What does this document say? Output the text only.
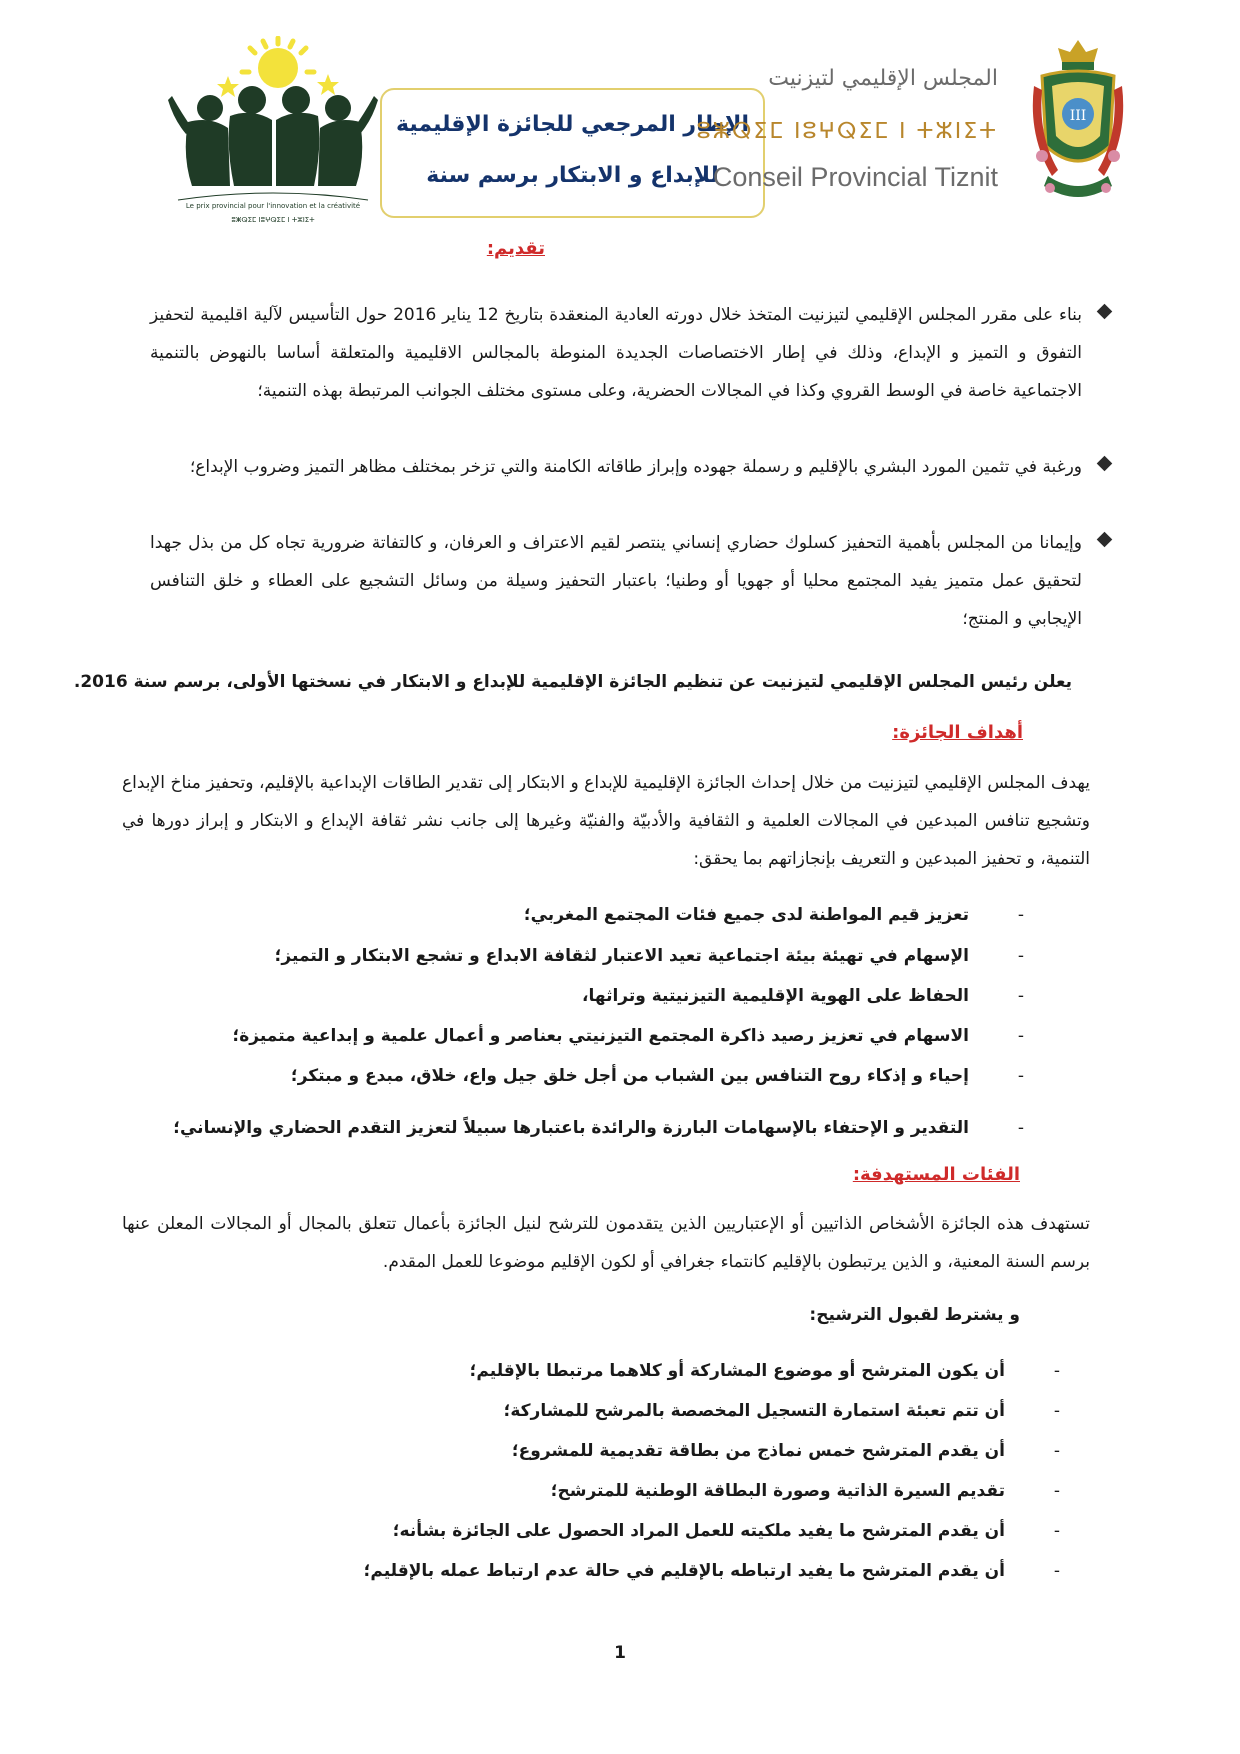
Le prix provincial pour l'innovation et la créativité
ⵓⵥⵕⵉⵎ ⵏⵓⵖⵕⵉⵎ ⵏ ⵜⵣⵏⵉⵜ
الإطار المرجعي للجائزة الإقليمية
للإبداع و الابتكار برسم سنة
المجلس الإقليمي لتيزنيت
ⵓⵥⵕⵉⵎ ⵏⵓⵖⵕⵉⵎ ⵏ ⵜⵣⵏⵉⵜ
Conseil Provincial Tiznit
III
تقديم:
بناء على مقرر المجلس الإقليمي لتيزنيت المتخذ خلال دورته العادية المنعقدة بتاريخ 12 يناير 2016 حول التأسيس لآلية اقليمية لتحفيز التفوق و التميز و الإبداع، وذلك في إطار الاختصاصات الجديدة المنوطة بالمجالس الاقليمية والمتعلقة أساسا بالنهوض بالتنمية الاجتماعية خاصة في الوسط القروي وكذا في المجالات الحضرية، وعلى مستوى مختلف الجوانب المرتبطة بهذه التنمية؛
ورغبة في تثمين المورد البشري بالإقليم و رسملة جهوده وإبراز طاقاته الكامنة والتي تزخر بمختلف مظاهر التميز وضروب الإبداع؛
وإيمانا من المجلس بأهمية التحفيز كسلوك حضاري إنساني ينتصر لقيم الاعتراف و العرفان، و كالتفاتة ضرورية تجاه كل من بذل جهدا لتحقيق عمل متميز يفيد المجتمع محليا أو جهويا أو وطنيا؛ باعتبار التحفيز وسيلة من وسائل التشجيع على العطاء و خلق التنافس الإيجابي و المنتج؛
يعلن رئيس المجلس الإقليمي لتيزنيت عن تنظيم الجائزة الإقليمية للإبداع و الابتكار في نسختها الأولى، برسم سنة 2016.
أهداف الجائزة:
يهدف المجلس الإقليمي لتيزنيت من خلال إحداث الجائزة الإقليمية للإبداع و الابتكار إلى تقدير الطاقات الإبداعية بالإقليم، وتحفيز مناخ الإبداع وتشجيع تنافس المبدعين في المجالات العلمية و الثقافية والأدبيّة والفنيّة وغيرها إلى جانب نشر ثقافة الإبداع و الابتكار و إبراز دورها في التنمية، و تحفيز المبدعين و التعريف بإنجازاتهم بما يحقق:
-
تعزيز قيم المواطنة لدى جميع فئات المجتمع المغربي؛
-
الإسهام في تهيئة بيئة اجتماعية تعيد الاعتبار لثقافة الابداع و تشجع الابتكار و التميز؛
-
الحفاظ على الهوية الإقليمية التيزنيتية وتراثها،
-
الاسهام في تعزيز رصيد ذاكرة المجتمع التيزنيتي بعناصر و أعمال علمية و إبداعية متميزة؛
-
إحياء و إذكاء روح التنافس بين الشباب من أجل خلق جيل واع، خلاق، مبدع و مبتكر؛
-
التقدير و الإحتفاء بالإسهامات البارزة والرائدة باعتبارها سبيلاً لتعزيز التقدم الحضاري والإنساني؛
الفئات المستهدفة:
تستهدف هذه الجائزة الأشخاص الذاتيين أو الإعتباريين الذين يتقدمون للترشح لنيل الجائزة بأعمال تتعلق بالمجال أو المجالات المعلن عنها برسم السنة المعنية، و الذين يرتبطون بالإقليم كانتماء جغرافي أو لكون الإقليم موضوعا للعمل المقدم.
و يشترط لقبول الترشيح:
-
أن يكون المترشح أو موضوع المشاركة أو كلاهما مرتبطا بالإقليم؛
-
أن تتم تعبئة استمارة التسجيل المخصصة بالمرشح للمشاركة؛
-
أن يقدم المترشح خمس نماذج من بطاقة تقديمية للمشروع؛
-
تقديم السيرة الذاتية وصورة البطاقة الوطنية للمترشح؛
-
أن يقدم المترشح ما يفيد ملكيته للعمل المراد الحصول على الجائزة بشأنه؛
-
أن يقدم المترشح ما يفيد ارتباطه بالإقليم في حالة عدم ارتباط عمله بالإقليم؛
1
